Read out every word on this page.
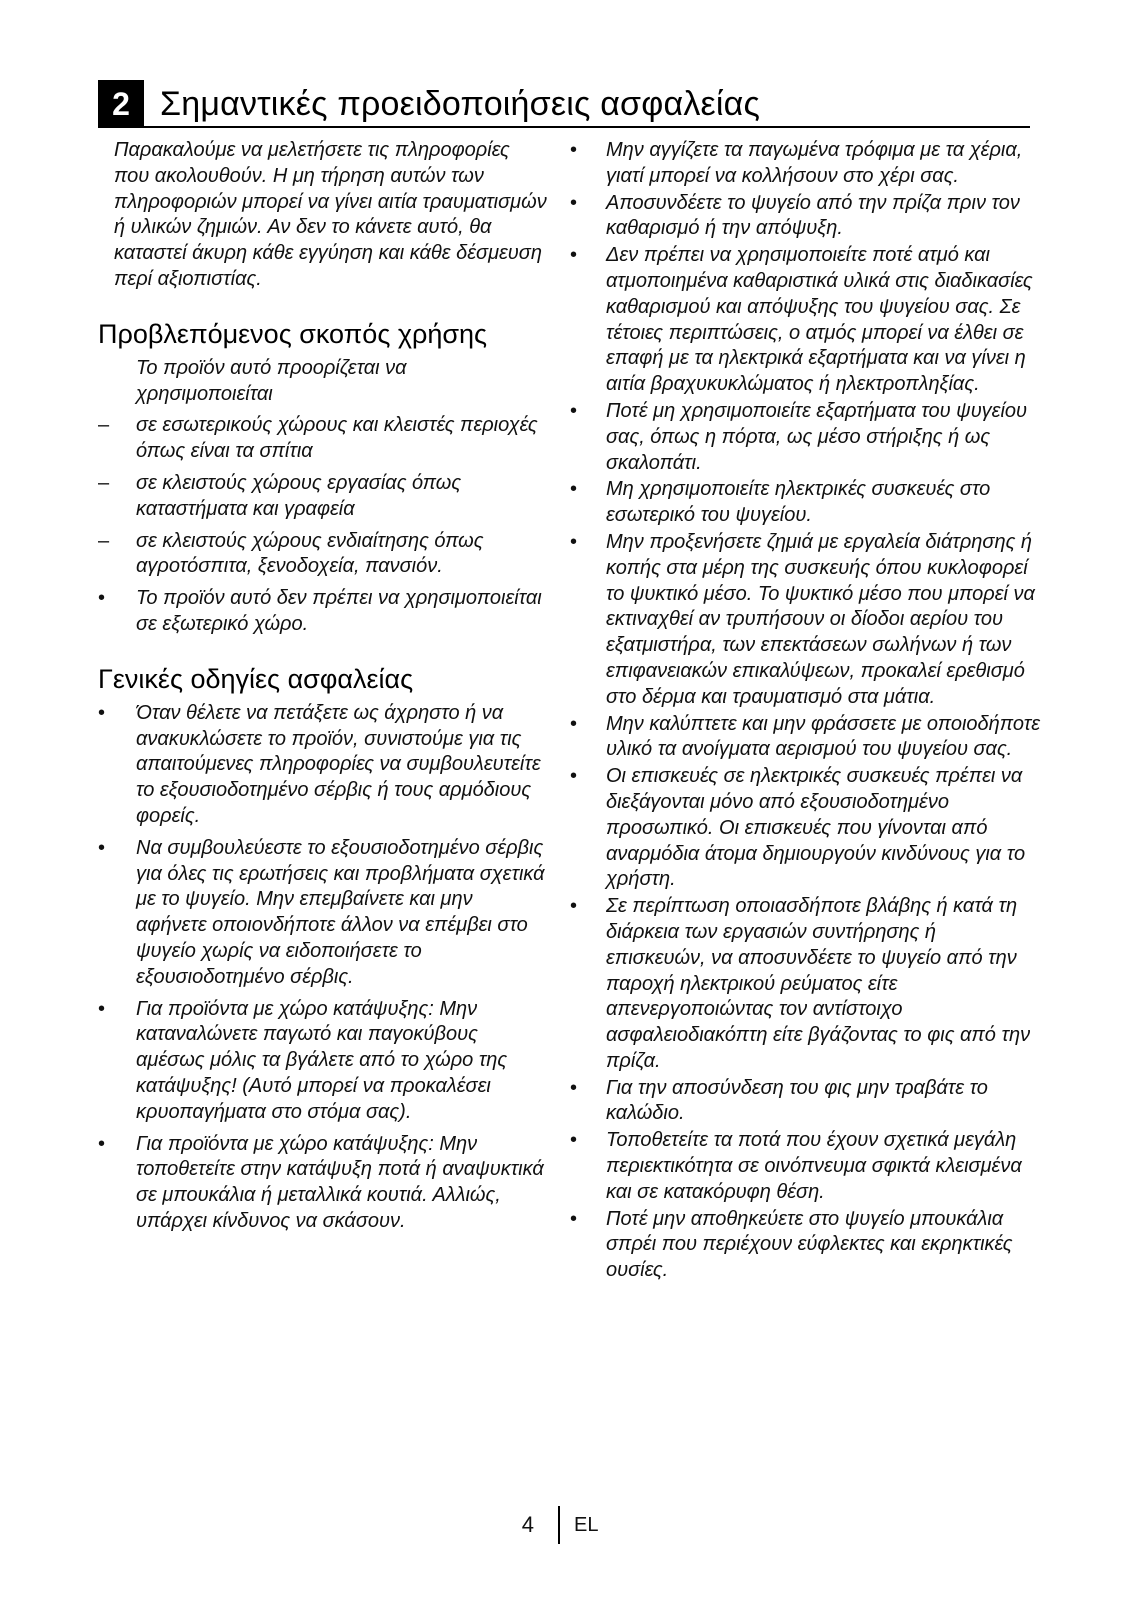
2 Σημαντικές προειδοποιήσεις ασφαλείας

Παρακαλούμε να μελετήσετε τις πληροφορίες που ακολουθούν. Η μη τήρηση αυτών των πληροφοριών μπορεί να γίνει αιτία τραυματισμών ή υλικών ζημιών. Αν δεν το κάνετε αυτό, θα καταστεί άκυρη κάθε εγγύηση και κάθε δέσμευση περί αξιοπιστίας.

Προβλεπόμενος σκοπός χρήσης

Το προϊόν αυτό προορίζεται να χρησιμοποιείται

–	σε εσωτερικούς χώρους και κλειστές περιοχές όπως είναι τα σπίτια
–	σε κλειστούς χώρους εργασίας όπως καταστήματα και γραφεία
–	σε κλειστούς χώρους ενδιαίτησης όπως αγροτόσπιτα, ξενοδοχεία, πανσιόν.
•	Το προϊόν αυτό δεν πρέπει να χρησιμοποιείται σε εξωτερικό χώρο.
Γενικές οδηγίες ασφαλείας
•	Όταν θέλετε να πετάξετε ως άχρηστο ή να ανακυκλώσετε το προϊόν, συνιστούμε για τις απαιτούμενες πληροφορίες να συμβουλευτείτε το εξουσιοδοτημένο σέρβις ή τους αρμόδιους φορείς.
•	Να συμβουλεύεστε το εξουσιοδοτημένο σέρβις για όλες τις ερωτήσεις και προβλήματα σχετικά με το ψυγείο. Μην επεμβαίνετε και μην αφήνετε οποιονδήποτε άλλον να επέμβει στο ψυγείο χωρίς να ειδοποιήσετε το εξουσιοδοτημένο σέρβις.
•	Για προϊόντα με χώρο κατάψυξης: Μην καταναλώνετε παγωτό και παγοκύβους αμέσως μόλις τα βγάλετε από το χώρο της κατάψυξης! (Αυτό μπορεί να προκαλέσει κρυοπαγήματα στο στόμα σας).
•	Για προϊόντα με χώρο κατάψυξης: Μην τοποθετείτε στην κατάψυξη ποτά ή αναψυκτικά σε μπουκάλια ή μεταλλικά κουτιά. Αλλιώς, υπάρχει κίνδυνος να σκάσουν.
•	Μην αγγίζετε τα παγωμένα τρόφιμα με τα χέρια, γιατί μπορεί να κολλήσουν στο χέρι σας.
•	Αποσυνδέετε το ψυγείο από την πρίζα πριν τον καθαρισμό ή την απόψυξη.
•	Δεν πρέπει να χρησιμοποιείτε ποτέ ατμό και ατμοποιημένα καθαριστικά υλικά στις διαδικασίες καθαρισμού και απόψυξης του ψυγείου σας. Σε τέτοιες περιπτώσεις, ο ατμός μπορεί να έλθει σε επαφή με τα ηλεκτρικά εξαρτήματα και να γίνει η αιτία βραχυκυκλώματος ή ηλεκτροπληξίας.
•	Ποτέ μη χρησιμοποιείτε εξαρτήματα του ψυγείου σας, όπως η πόρτα, ως μέσο στήριξης ή ως σκαλοπάτι.
•	Μη χρησιμοποιείτε ηλεκτρικές συσκευές στο εσωτερικό του ψυγείου.
•	Μην προξενήσετε ζημιά με εργαλεία διάτρησης ή κοπής στα μέρη της συσκευής όπου κυκλοφορεί το ψυκτικό μέσο. Το ψυκτικό μέσο που μπορεί να εκτιναχθεί αν τρυπήσουν οι δίοδοι αερίου του εξατμιστήρα, των επεκτάσεων σωλήνων ή των επιφανειακών επικαλύψεων, προκαλεί ερεθισμό στο δέρμα και τραυματισμό στα μάτια.
•	Μην καλύπτετε και μην φράσσετε με οποιοδήποτε υλικό τα ανοίγματα αερισμού του ψυγείου σας.
•	Οι επισκευές σε ηλεκτρικές συσκευές πρέπει να διεξάγονται μόνο από εξουσιοδοτημένο προσωπικό. Οι επισκευές που γίνονται από αναρμόδια άτομα δημιουργούν κινδύνους για το χρήστη.
•	Σε περίπτωση οποιασδήποτε βλάβης ή κατά τη διάρκεια των εργασιών συντήρησης ή επισκευών, να αποσυνδέετε το ψυγείο από την παροχή ηλεκτρικού ρεύματος είτε απενεργοποιώντας τον αντίστοιχο ασφαλειοδιακόπτη είτε βγάζοντας το φις από την πρίζα.
•	Για την αποσύνδεση του φις μην τραβάτε το καλώδιο.
•	Τοποθετείτε τα ποτά που έχουν σχετικά μεγάλη περιεκτικότητα σε οινόπνευμα σφικτά κλεισμένα και σε κατακόρυφη θέση.
•	Ποτέ μην αποθηκεύετε στο ψυγείο μπουκάλια σπρέι που περιέχουν εύφλεκτες και εκρηκτικές ουσίες.
4 EL
